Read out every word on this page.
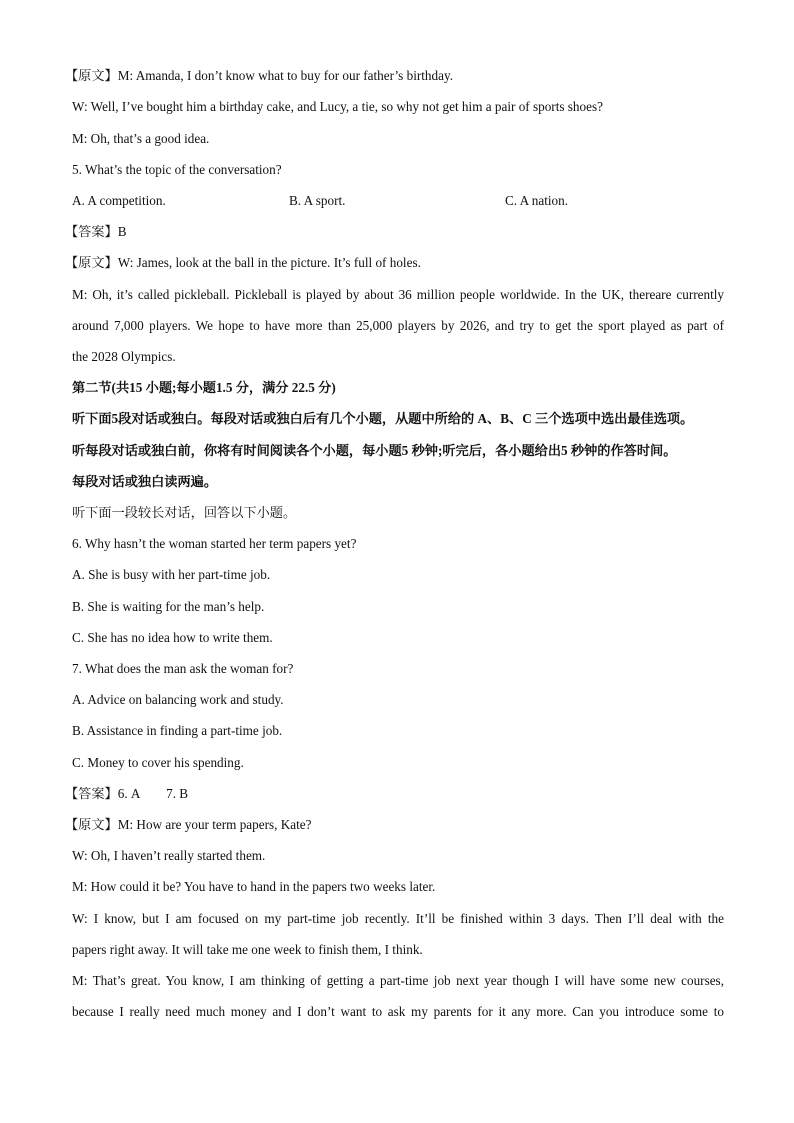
【原文】M: Amanda, I don’t know what to buy for our father’s birthday.
W: Well, I’ve bought him a birthday cake, and Lucy, a tie, so why not get him a pair of sports shoes?
M: Oh, that’s a good idea.
5. What’s the topic of the conversation?
A. A competition.	B. A sport.	C. A nation.
【答案】B
【原文】W: James, look at the ball in the picture. It’s full of holes.
M: Oh, it’s called pickleball. Pickleball is played by about 36 million people worldwide. In the UK, thereare currently
around 7,000 players. We hope to have more than 25,000 players by 2026, and try to get the sport played as part of
the 2028 Olympics.
第二节(共15 小题;每小题1.5 分，满分 22.5 分)
听下面5段对话或独白。每段对话或独白后有几个小题，从题中所给的 A、B、C 三个选项中选出最佳选项。
听每段对话或独白前，你将有时间阅读各个小题，每小题5 秒钟;听完后，各小题给出5 秒钟的作答时间。
每段对话或独白读两遍。
听下面一段较长对话，回答以下小题。
6. Why hasn’t the woman started her term papers yet?
A. She is busy with her part-time job.
B. She is waiting for the man’s help.
C. She has no idea how to write them.
7. What does the man ask the woman for?
A. Advice on balancing work and study.
B. Assistance in finding a part-time job.
C. Money to cover his spending.
【答案】6. A        7. B
【原文】M: How are your term papers, Kate?
W: Oh, I haven’t really started them.
M: How could it be? You have to hand in the papers two weeks later.
W: I know, but I am focused on my part-time job recently. It’ll be finished within 3 days. Then I’ll deal with the
papers right away. It will take me one week to finish them, I think.
M: That’s great. You know, I am thinking of getting a part-time job next year though I will have some new courses,
because I really need much money and I don’t want to ask my parents for it any more. Can you introduce some to
